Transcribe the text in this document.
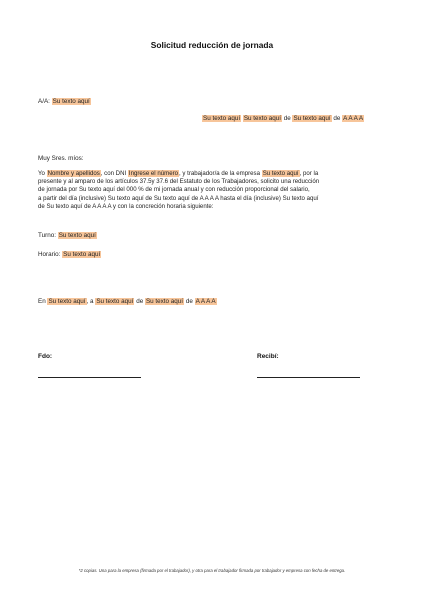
Solicitud reducción de jornada
A/A: Su texto aquí
Su texto aquí Su texto aquí de Su texto aquí de A A A A
Muy Sres. míos:
Yo Nombre y apellidos, con DNI Ingrese el número, y trabajador/a de la empresa Su texto aquí, por la
presente y al amparo de los artículos 37.5y 37.6 del Estatuto de los Trabajadores, solicito una reducción
de jornada por Su texto aquí del 000 % de mi jornada anual y con reducción proporcional del salario,
a partir del día (inclusive) Su texto aquí de Su texto aquí de A A A A hasta el día (inclusive) Su texto aquí
de Su texto aquí de A A A A y con la concreción horaria siguiente:
Turno: Su texto aquí
Horario: Su texto aquí
En Su texto aquí, a Su texto aquí de Su texto aquí de A A A A
Fdo:	Recibí:
*2 copias. Una para la empresa (firmada por el trabajador), y otra para el trabajador firmada por trabajador y empresa con fecha de entrega.
